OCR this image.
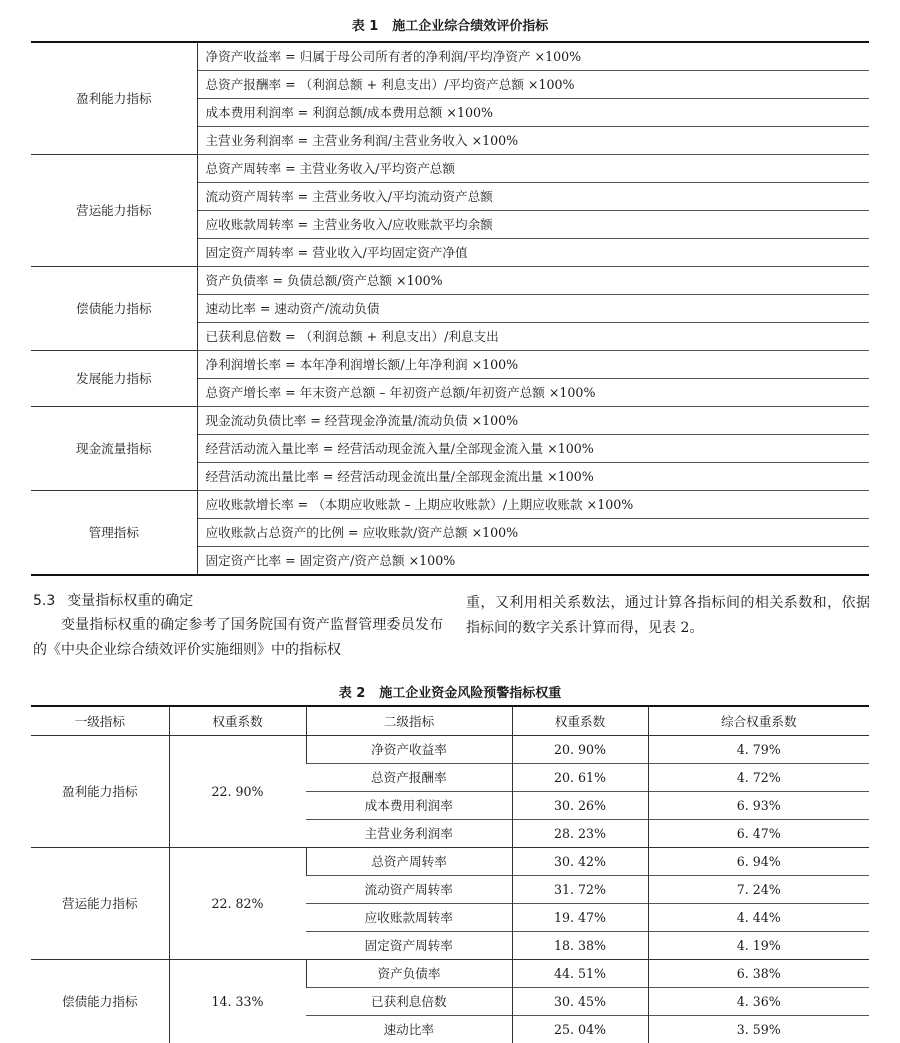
表 1 施工企业综合绩效评价指标
盈利能力指标	净资产收益率 = 归属于母公司所有者的净利润/平均净资产 ×100%
	总资产报酬率 = （利润总额 + 利息支出）/平均资产总额 ×100%
	成本费用利润率 = 利润总额/成本费用总额 ×100%
	主营业务利润率 = 主营业务利润/主营业务收入 ×100%
营运能力指标	总资产周转率 = 主营业务收入/平均资产总额
	流动资产周转率 = 主营业务收入/平均流动资产总额
	应收账款周转率 = 主营业务收入/应收账款平均余额
	固定资产周转率 = 营业收入/平均固定资产净值
偿债能力指标	资产负债率 = 负债总额/资产总额 ×100%
	速动比率 = 速动资产/流动负债
	已获利息倍数 = （利润总额 + 利息支出）/利息支出
发展能力指标	净利润增长率 = 本年净利润增长额/上年净利润 ×100%
	总资产增长率 = 年末资产总额 – 年初资产总额/年初资产总额 ×100%
现金流量指标	现金流动负债比率 = 经营现金净流量/流动负债 ×100%
	经营活动流入量比率 = 经营活动现金流入量/全部现金流入量 ×100%
	经营活动流出量比率 = 经营活动现金流出量/全部现金流出量 ×100%
管理指标	应收账款增长率 = （本期应收账款 – 上期应收账款）/上期应收账款 ×100%
	应收账款占总资产的比例 = 应收账款/资产总额 ×100%
	固定资产比率 = 固定资产/资产总额 ×100%
5.3 变量指标权重的确定
变量指标权重的确定参考了国务院国有资产监督管理委员发布的《中央企业综合绩效评价实施细则》中的指标权
重，又利用相关系数法，通过计算各指标间的相关系数和，依据指标间的数字关系计算而得，见表 2。
表 2 施工企业资金风险预警指标权重
一级指标	权重系数	二级指标	权重系数	综合权重系数
盈利能力指标	22. 90%	净资产收益率	20. 90%	4. 79%
		总资产报酬率	20. 61%	4. 72%
		成本费用利润率	30. 26%	6. 93%
		主营业务利润率	28. 23%	6. 47%
营运能力指标	22. 82%	总资产周转率	30. 42%	6. 94%
		流动资产周转率	31. 72%	7. 24%
		应收账款周转率	19. 47%	4. 44%
		固定资产周转率	18. 38%	4. 19%
偿债能力指标	14. 33%	资产负债率	44. 51%	6. 38%
		已获利息倍数	30. 45%	4. 36%
		速动比率	25. 04%	3. 59%
